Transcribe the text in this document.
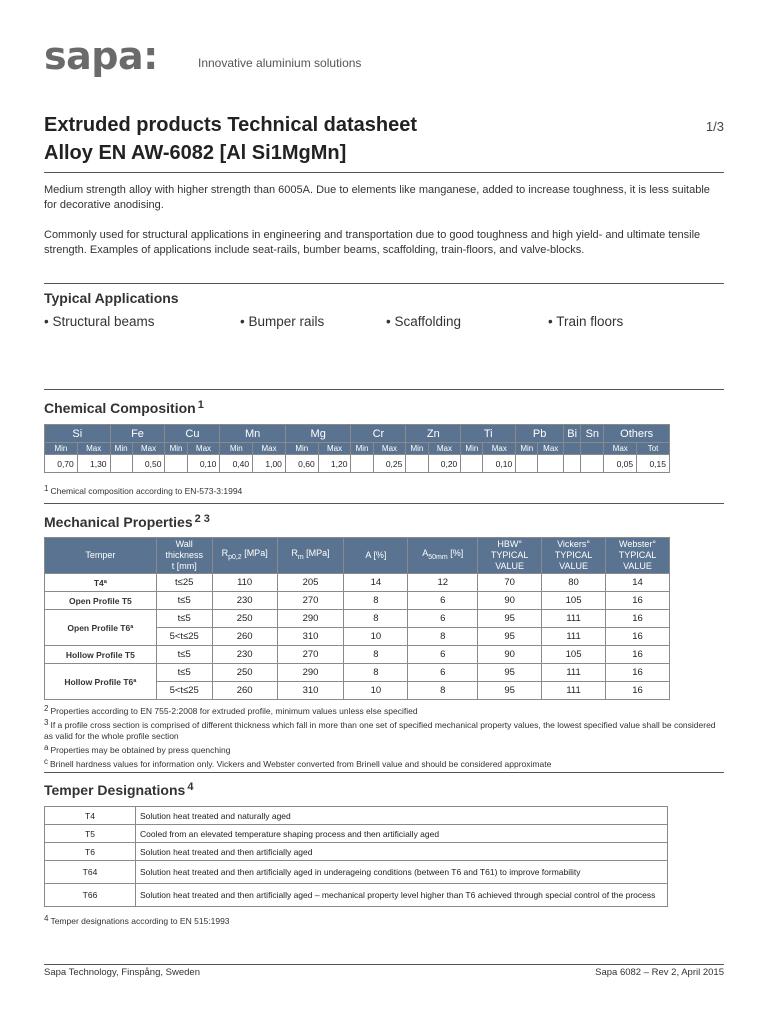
sapa:	Innovative aluminium solutions
Extruded products Technical datasheet
Alloy EN AW-6082 [Al Si1MgMn]
1/3
Medium strength alloy with higher strength than 6005A. Due to elements like manganese, added to increase toughness, it is less suitable for decorative anodising.
Commonly used for structural applications in engineering and transportation due to good toughness and high yield- and ultimate tensile strength. Examples of applications include seat-rails, bumber beams, scaffolding, train-floors, and valve-blocks.
Typical Applications
• Structural beams	• Bumper rails	• Scaffolding	• Train floors
Chemical Composition $^1$
Si		Fe		Cu		Mn		Mg		Cr		Zn		Ti		Pb		Bi	Sn	Others	
Min	Max	Min	Max	Min	Max	Min	Max	Min	Max	Min	Max	Min	Max	Min	Max	Min	Max			Max	Tot
0,70	1,30		0,50		0,10	0,40	1,00	0,60	1,20		0,25		0,20		0,10					0,05	0,15
$^1$ Chemical composition according to EN-573-3:1994
Mechanical Properties $^{2 3}$
Temper	Wall
thickness
t [mm]	$R_{p0,2}$ [MPa]	$R_m$ [MPa]	A [%]	$A_{50mm}$ [%]	HBW°
TYPICAL
VALUE	Vickers°
TYPICAL
VALUE	Webster°
TYPICAL
VALUE
T4ª	t≤25	110	205	14	12	70	80	14
Open Profile T5	t≤5	230	270	8	6	90	105	16
Open Profile T6ª	t≤5	250	290	8	6	95	111	16
	5<t≤25	260	310	10	8	95	111	16
Hollow Profile T5	t≤5	230	270	8	6	90	105	16
Hollow Profile T6ª	t≤5	250	290	8	6	95	111	16
	5<t≤25	260	310	10	8	95	111	16
$^2$ Properties according to EN 755-2:2008 for extruded profile, minimum values unless else specified
$^3$ If a profile cross section is comprised of different thickness which fall in more than one set of specified mechanical property values, the lowest specified value shall be considered as valid for the whole profile section
$^a$ Properties may be obtained by press quenching
$^c$ Brinell hardness values for information only. Vickers and Webster converted from Brinell value and should be considered approximate
Temper Designations $^4$
T4	Solution heat treated and naturally aged
T5	Cooled from an elevated temperature shaping process and then artificially aged
T6	Solution heat treated and then artificially aged
T64	Solution heat treated and then artificially aged in underageing conditions (between T6 and T61) to improve formability
T66	Solution heat treated and then artificially aged – mechanical property level higher than T6 achieved through special control of the process
$^4$ Temper designations according to EN 515:1993
Sapa Technology, Finspång, Sweden	Sapa 6082 – Rev 2, April 2015
